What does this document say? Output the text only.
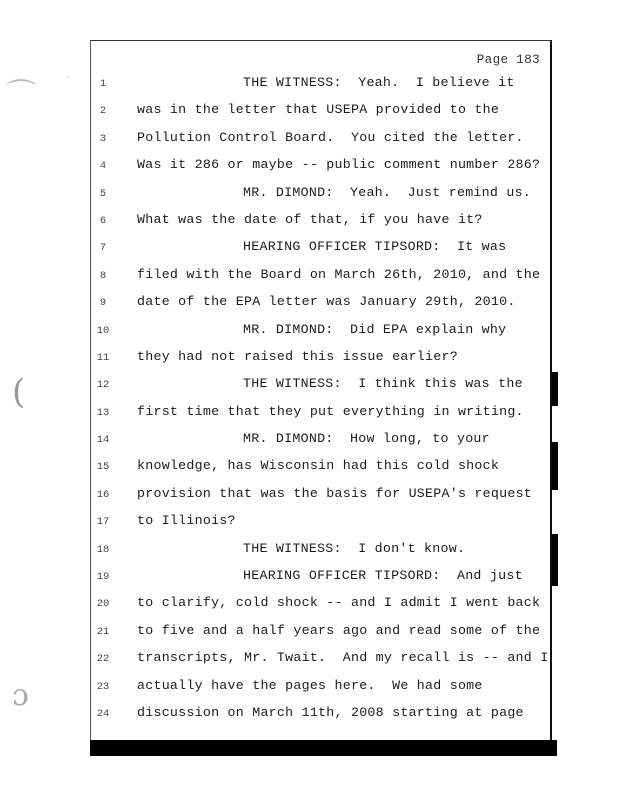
⌒
·
(
ɔ
Page 183
1	THE WITNESS:  Yeah.  I believe it
2	was in the letter that USEPA provided to the
3	Pollution Control Board.  You cited the letter.
4	Was it 286 or maybe -- public comment number 286?
5	MR. DIMOND:  Yeah.  Just remind us.
6	What was the date of that, if you have it?
7	HEARING OFFICER TIPSORD:  It was
8	filed with the Board on March 26th, 2010, and the
9	date of the EPA letter was January 29th, 2010.
10	MR. DIMOND:  Did EPA explain why
11	they had not raised this issue earlier?
12	THE WITNESS:  I think this was the
13	first time that they put everything in writing.
14	MR. DIMOND:  How long, to your
15	knowledge, has Wisconsin had this cold shock
16	provision that was the basis for USEPA's request
17	to Illinois?
18	THE WITNESS:  I don't know.
19	HEARING OFFICER TIPSORD:  And just
20	to clarify, cold shock -- and I admit I went back
21	to five and a half years ago and read some of the
22	transcripts, Mr. Twait.  And my recall is -- and I
23	actually have the pages here.  We had some
24	discussion on March 11th, 2008 starting at page
